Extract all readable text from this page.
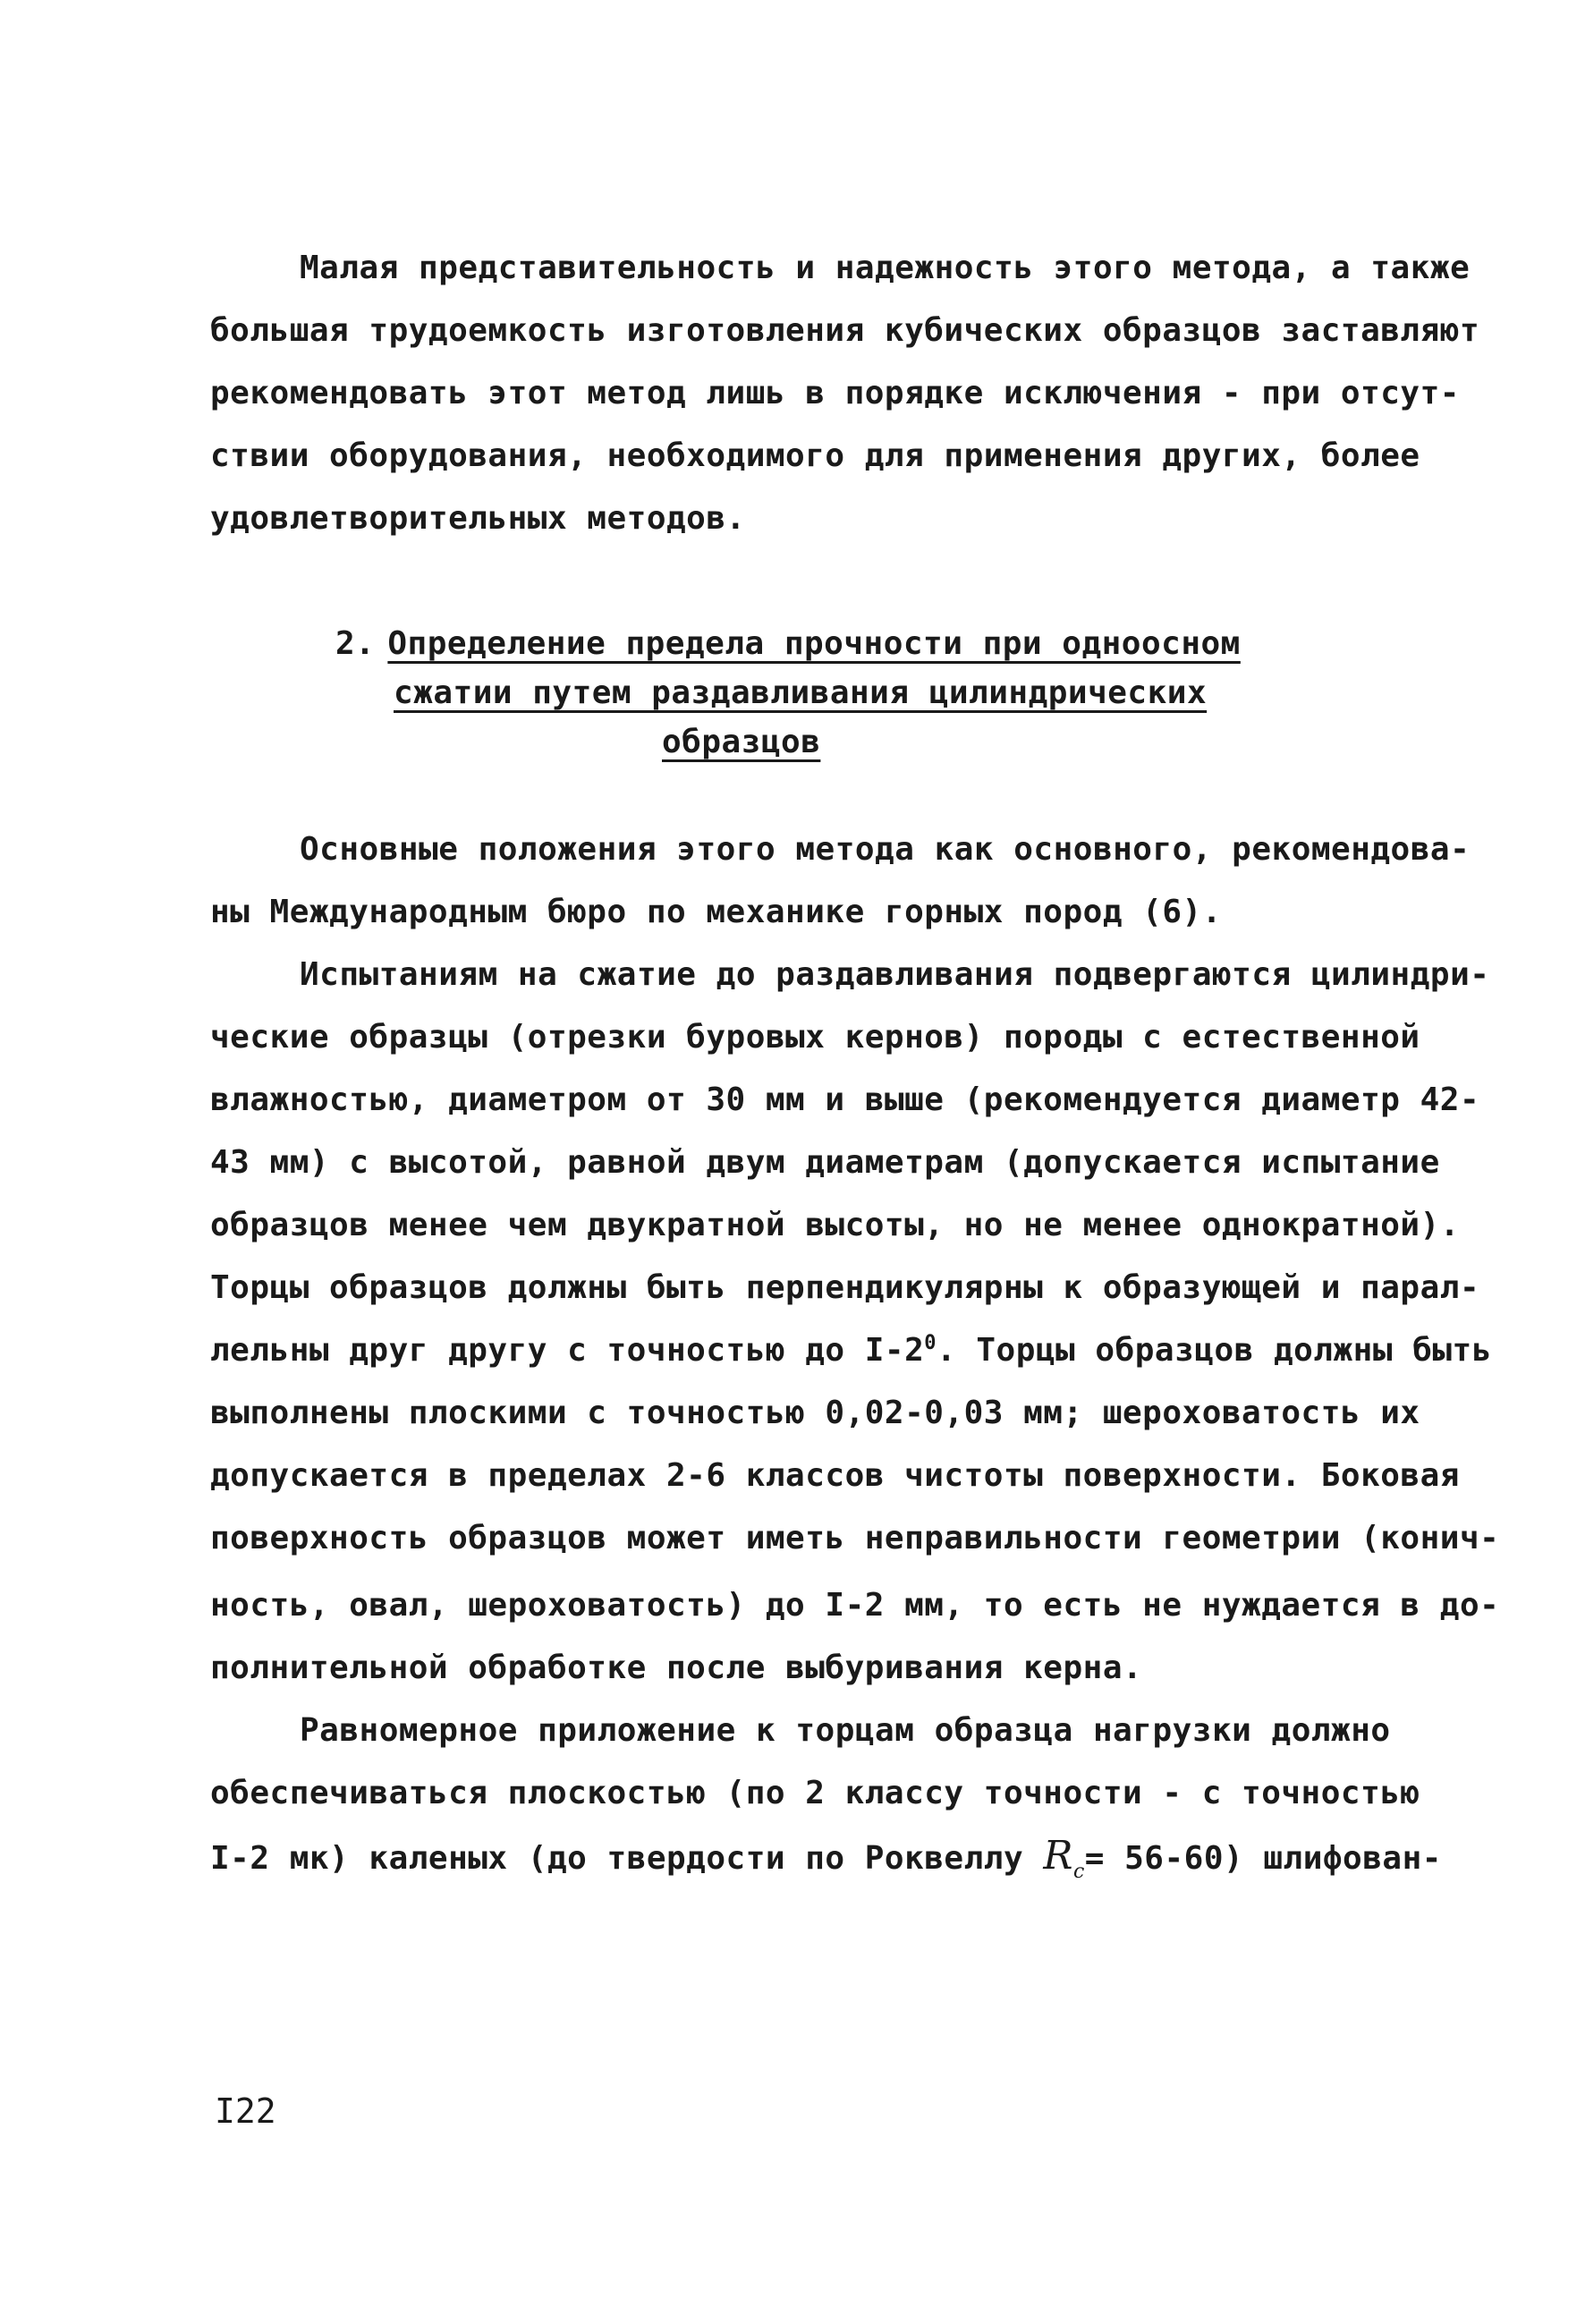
Малая представительность и надежность этого метода, а также
большая трудоемкость изготовления кубических образцов заставляют
рекомендовать этот метод лишь в порядке исключения - при отсут-
ствии оборудования, необходимого для применения других, более
удовлетворительных методов.
2. Определение предела прочности при одноосном
сжатии путем раздавливания цилиндрических
образцов
Основные положения этого метода как основного, рекомендова-
ны Международным бюро по механике горных пород (6).
Испытаниям на сжатие до раздавливания подвергаются цилиндри-
ческие образцы (отрезки буровых кернов) породы с естественной
влажностью, диаметром от 30 мм и выше (рекомендуется диаметр 42-
43 мм) с высотой, равной двум диаметрам (допускается испытание
образцов менее чем двукратной высоты, но не менее однократной).
Торцы образцов должны быть перпендикулярны к образующей и парал-
лельны друг другу с точностью до $I-2^0$. Торцы образцов должны быть
выполнены плоскими с точностью 0,02-0,03 мм; шероховатость их
допускается в пределах 2-6 классов чистоты поверхности. Боковая
поверхность образцов может иметь неправильности геометрии (конич-
ность, овал, шероховатость) до I-2 мм, то есть не нуждается в до-
полнительной обработке после выбуривания керна.
Равномерное приложение к торцам образца нагрузки должно
обеспечиваться плоскостью (по 2 классу точности - с точностью
I-2 мк) каленых (до твердости по Роквеллу $R_c= 56-60$) шлифован-
I22
